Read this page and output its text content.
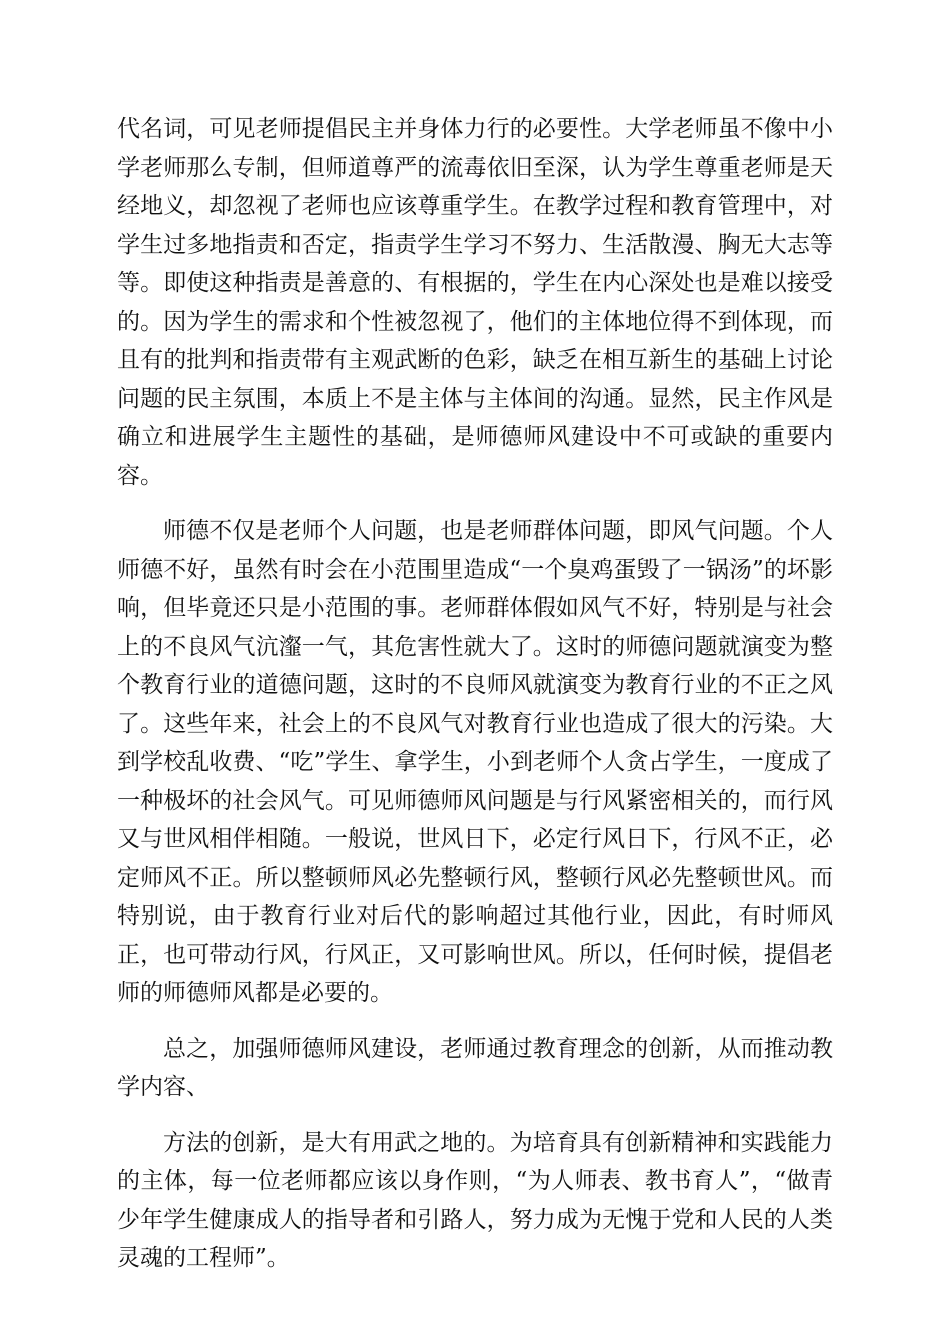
代名词，可见老师提倡民主并身体力行的必要性。大学老师虽不像中小学老师那么专制，但师道尊严的流毒依旧至深，认为学生尊重老师是天经地义，却忽视了老师也应该尊重学生。在教学过程和教育管理中，对学生过多地指责和否定，指责学生学习不努力、生活散漫、胸无大志等等。即使这种指责是善意的、有根据的，学生在内心深处也是难以接受的。因为学生的需求和个性被忽视了，他们的主体地位得不到体现，而且有的批判和指责带有主观武断的色彩，缺乏在相互新生的基础上讨论问题的民主氛围，本质上不是主体与主体间的沟通。显然，民主作风是确立和进展学生主题性的基础，是师德师风建设中不可或缺的重要内容。

师德不仅是老师个人问题，也是老师群体问题，即风气问题。个人师德不好，虽然有时会在小范围里造成“一个臭鸡蛋毁了一锅汤”的坏影响，但毕竟还只是小范围的事。老师群体假如风气不好，特别是与社会上的不良风气沆瀣一气，其危害性就大了。这时的师德问题就演变为整个教育行业的道德问题，这时的不良师风就演变为教育行业的不正之风了。这些年来，社会上的不良风气对教育行业也造成了很大的污染。大到学校乱收费、“吃”学生、拿学生，小到老师个人贪占学生，一度成了一种极坏的社会风气。可见师德师风问题是与行风紧密相关的，而行风又与世风相伴相随。一般说，世风日下，必定行风日下，行风不正，必定师风不正。所以整顿师风必先整顿行风，整顿行风必先整顿世风。而特别说，由于教育行业对后代的影响超过其他行业，因此，有时师风正，也可带动行风，行风正，又可影响世风。所以，任何时候，提倡老师的师德师风都是必要的。

总之，加强师德师风建设，老师通过教育理念的创新，从而推动教学内容、

方法的创新，是大有用武之地的。为培育具有创新精神和实践能力的主体，每一位老师都应该以身作则，“为人师表、教书育人”，“做青少年学生健康成人的指导者和引路人，努力成为无愧于党和人民的人类灵魂的工程师”。
